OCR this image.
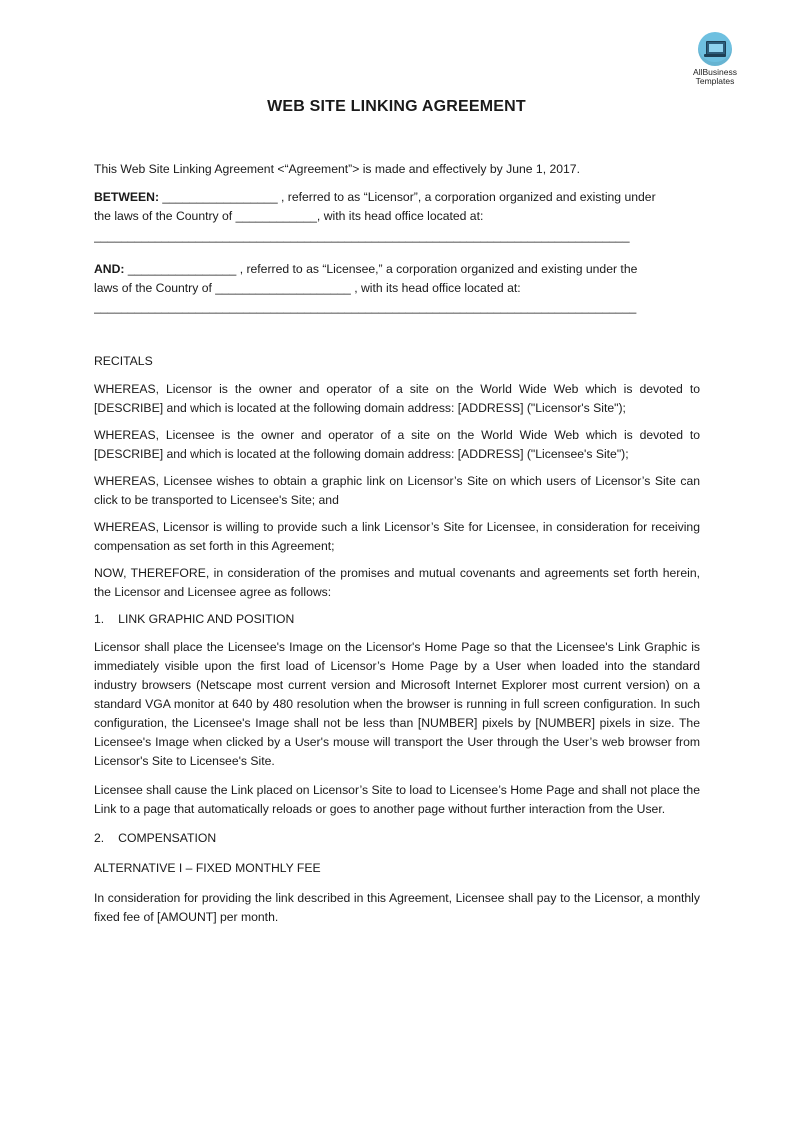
AllBusiness
Templates
WEB SITE LINKING AGREEMENT

This Web Site Linking Agreement <“Agreement”> is made and effectively by June 1, 2017.

BETWEEN: _________________ , referred to as “Licensor”, a corporation organized and existing under
the laws of the Country of ____________, with its head office located at:

_______________________________________________________________________________

AND: ________________ , referred to as “Licensee,” a corporation organized and existing under the
laws of the Country of ____________________ , with its head office located at:

________________________________________________________________________________

RECITALS

WHEREAS, Licensor is the owner and operator of a site on the World Wide Web which is devoted to [DESCRIBE] and which is located at the following domain address: [ADDRESS] ("Licensor's Site");

WHEREAS, Licensee is the owner and operator of a site on the World Wide Web which is devoted to [DESCRIBE] and which is located at the following domain address: [ADDRESS] ("Licensee's Site");

WHEREAS, Licensee wishes to obtain a graphic link on Licensor’s Site on which users of Licensor’s Site can click to be transported to Licensee's Site; and

WHEREAS, Licensor is willing to provide such a link Licensor’s Site for Licensee, in consideration for receiving compensation as set forth in this Agreement;

NOW, THEREFORE, in consideration of the promises and mutual covenants and agreements set forth herein, the Licensor and Licensee agree as follows:

1. LINK GRAPHIC AND POSITION

Licensor shall place the Licensee's Image on the Licensor's Home Page so that the Licensee's Link Graphic is immediately visible upon the first load of Licensor’s Home Page by a User when loaded into the standard industry browsers (Netscape most current version and Microsoft Internet Explorer most current version) on a standard VGA monitor at 640 by 480 resolution when the browser is running in full screen configuration. In such configuration, the Licensee's Image shall not be less than [NUMBER] pixels by [NUMBER] pixels in size. The Licensee's Image when clicked by a User's mouse will transport the User through the User’s web browser from Licensor's Site to Licensee's Site.

Licensee shall cause the Link placed on Licensor’s Site to load to Licensee’s Home Page and shall not place the Link to a page that automatically reloads or goes to another page without further interaction from the User.

2. COMPENSATION

ALTERNATIVE I – FIXED MONTHLY FEE

In consideration for providing the link described in this Agreement, Licensee shall pay to the Licensor, a monthly fixed fee of [AMOUNT] per month.
